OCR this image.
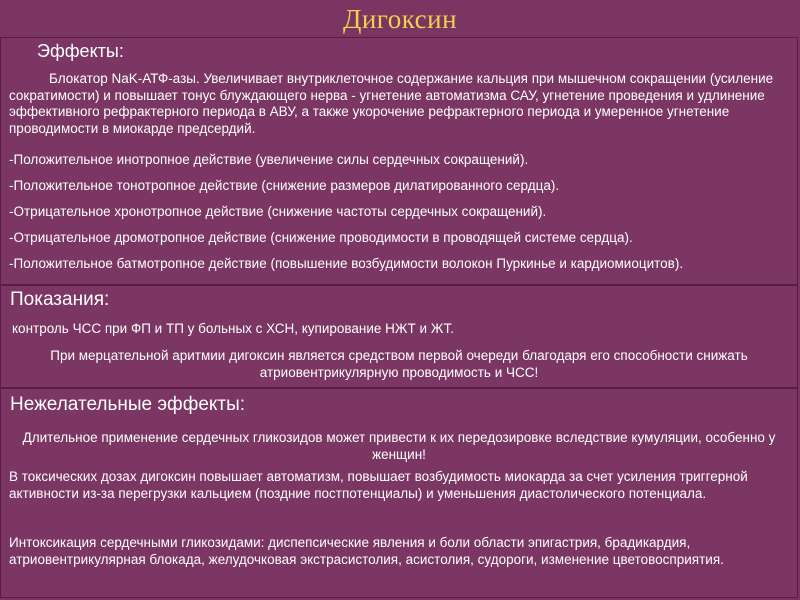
Дигоксин
Эффекты:
Блокатор NaK-АТФ-азы. Увеличивает внутриклеточное содержание кальция при мышечном сокращении (усиление сократимости) и повышает тонус блуждающего нерва - угнетение автоматизма САУ, угнетение проведения и удлинение эффективного рефрактерного периода в АВУ, а также укорочение рефрактерного периода и умеренное угнетение проводимости в миокарде предсердий.
-Положительное инотропное действие (увеличение силы сердечных сокращений).
-Положительное тонотропное действие (снижение размеров дилатированного сердца).
-Отрицательное хронотропное действие (снижение частоты сердечных сокращений).
-Отрицательное дромотропное действие (снижение проводимости в проводящей системе сердца).
-Положительное батмотропное действие (повышение возбудимости волокон Пуркинье и кардиомиоцитов).
Показания:
контроль ЧСС при ФП и ТП у больных с ХСН, купирование НЖТ и ЖТ.
При мерцательной аритмии дигоксин является средством первой очереди благодаря его способности снижать атриовентрикулярную проводимость и ЧСС!
Нежелательные эффекты:
Длительное применение сердечных гликозидов может привести к их передозировке вследствие кумуляции, особенно у женщин!
В токсических дозах дигоксин повышает автоматизм, повышает возбудимость миокарда за счет усиления триггерной активности из-за перегрузки кальцием (поздние постпотенциалы) и уменьшения диастолического потенциала.
Интоксикация сердечными гликозидами: диспепсические явления и боли области эпигастрия, брадикардия, атриовентрикулярная блокада, желудочковая экстрасистолия, асистолия, судороги, изменение цветовосприятия.
